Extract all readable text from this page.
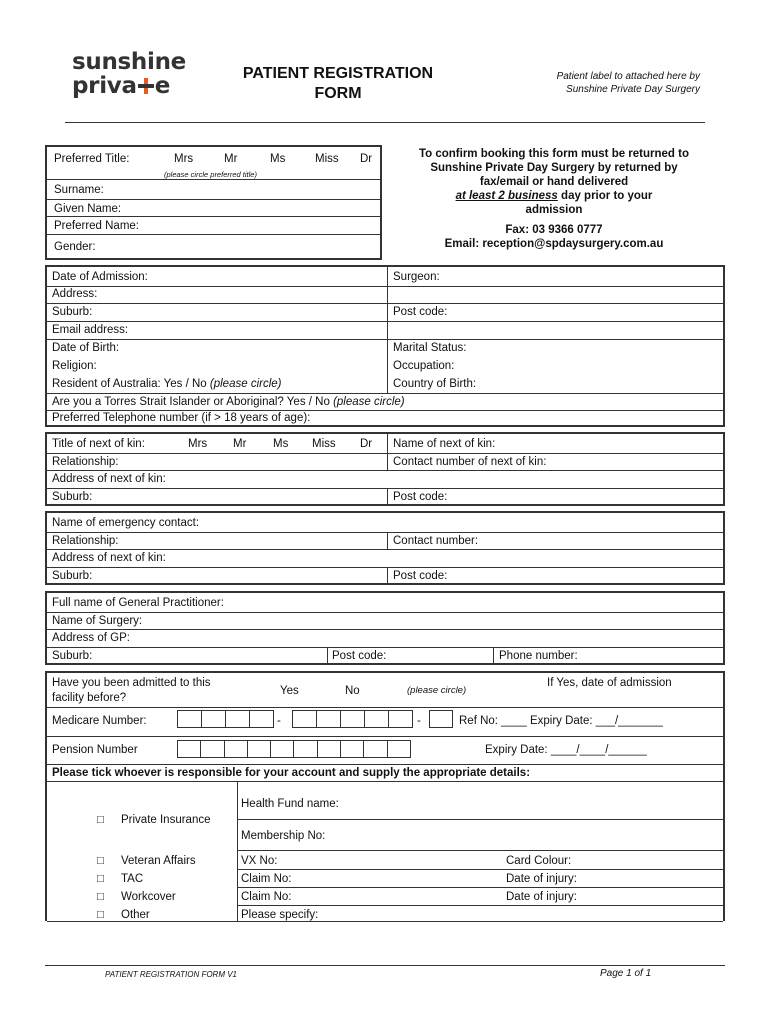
sunshine
priva e	PATIENT REGISTRATION
FORM
Patient label to attached here by
Sunshine Private Day Surgery
Preferred Title:	Mrs	Mr	Ms	Miss Dr
(please circle preferred title)
Surname:
Given Name:
Preferred Name:
Gender:
To confirm booking this form must be returned to
Sunshine Private Day Surgery by returned by
fax/email or hand delivered
at least 2 business day prior to your
admission
Fax: 03 9366 0777
Email: reception@spdaysurgery.com.au
Date of Admission:	Surgeon:
Address:
Suburb:	Post code:
Email address:
Date of Birth:	Marital Status:
Religion:	Occupation:
Resident of Australia: Yes / No (please circle)	Country of Birth:
Are you a Torres Strait Islander or Aboriginal? Yes / No (please circle)
Preferred Telephone number (if > 18 years of age):
Title of next of kin:	Mrs Mr Ms Miss Dr Name of next of kin:
Relationship:	Contact number of next of kin:
Address of next of kin:
Suburb:	Post code:
Name of emergency contact:
Relationship:	Contact number:
Address of next of kin:
Suburb:	Post code:
Full name of General Practitioner:
Name of Surgery:
Address of GP:
Suburb:	Post code:	Phone number:
Have you been admitted to this
facility before?
Yes	No	(please circle)
If Yes, date of admission
Medicare Number:	-	-	Ref No: ____ Expiry Date: ___/_______
Pension Number	Expiry Date: ____/____/______
Please tick whoever is responsible for your account and supply the appropriate details:
□ Private Insurance
Health Fund name:
Membership No:
□ Veteran Affairs	VX No:	Card Colour:
□ TAC	Claim No:	Date of injury:
□ Workcover	Claim No:	Date of injury:
□ Other	Please specify:
PATIENT REGISTRATION FORM V1	Page 1 of 1
